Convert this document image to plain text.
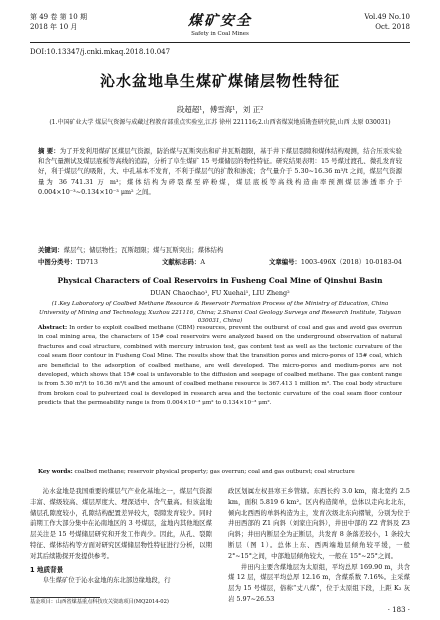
第 49 卷 第 10 期
2018 年 10 月	煤矿安全
Safety in Coal Mines
Vol.49 No.10
Oct. 2018
DOI:10.13347/j.cnki.mkaq.2018.10.047
沁水盆地阜生煤矿煤储层物性特征
段超超¹，傅雪海¹，刘 正²
(1.中国矿业大学 煤层气资源与成藏过程教育部重点实验室,江苏 徐州 221116;2.山西省煤炭地质勘查研究院,山西 太原 030031)
摘 要：为了开发利用煤矿区煤层气资源，防治煤与瓦斯突出和矿井瓦斯超限，基于井下煤层裂隙和煤体结构观测，结合压汞实验和含气量测试及煤层底板等高线的追踪，分析了阜生煤矿 15 号煤储层的物性特征。研究结果表明：15 号煤过渡孔、微孔发育较好，利于煤层气的吸附，大、中孔基本不发育，不利于煤层气的扩散和渗流；含气量介于 5.30~16.36 m³/t 之间，煤层气资源量为 36 741.31 万 m³；煤体结构为碎裂煤至碎粉煤，煤层底板等高线构造曲率预测煤层渗透率介于 0.004×10⁻³~0.134×10⁻³ μm² 之间。
关键词：煤层气；储层物性；瓦斯超限；煤与瓦斯突出；煤体结构
中图分类号：TD713	文献标志码：A	文章编号：1003-496X（2018）10-0183-04
Physical Characters of Coal Reservoirs in Fusheng Coal Mine of Qinshui Basin
DUAN Chaochao¹, FU Xuehai¹, LIU Zheng²
(1.Key Laboratory of Coalbed Methane Resource & Reservoir Formation Process of the Ministry of Education, China University of Mining and Technology, Xuzhou 221116, China; 2.Shanxi Coal Geology Surveys and Research Institute, Taiyuan 030031, China)
Abstract: In order to exploit coalbed methane (CBM) resources, prevent the outburst of coal and gas and avoid gas overrun in coal mining area, the characters of 15# coal reservoirs were analyzed based on the underground observation of natural fractures and coal structure, combined with mercury intrusion test, gas content test as well as the tectonic curvature of the coal seam floor contour in Fusheng Coal Mine. The results show that the transition pores and micro-pores of 15# coal, which are beneficial to the adsorption of coalbed methane, are well developed. The micro-pores and medium-pores are not developed, which shows that 15# coal is unfavorable to the diffusion and seepage of coalbed methane. The gas content range is from 5.30 m³/t to 16.36 m³/t and the amount of coalbed methane resource is 367.413 1 million m³. The coal body structure from broken coal to pulverized coal is developed in research area and the tectonic curvature of the coal seam floor contour predicts that the permeability range is from 0.004×10⁻³ μm² to 0.134×10⁻³ μm².
Key words: coalbed methane; reservoir physical property; gas overrun; coal and gas outburst; coal structure

沁水盆地是我国重要的煤层气产业化基地之一，煤层气资源丰富、煤级较高、煤层厚度大、埋深适中、含气量高。但该盆地储层孔隙度较小，孔隙结构配置差异较大，裂隙发育较少。同时前期工作大部分集中在沁南地区的 3 号煤层，盆地内其他地区煤层关注是 15 号煤储层研究和开发工作尚少。因此，从孔、裂隙特征、煤体结构等方面对研究区煤储层物性特征进行分析，以期对其后续勘探开发提供参考。

1 地质背景

阜生煤矿位于沁水盆地的东北部边缘地段，行

政区划属左权县寒王乡管辖。东西长约 3.0 km，南北宽约 2.5 km，面积 5.819 6 km²。区内构造简单，总体以走向北北东，倾向北西西的单斜构造为主，发育次级北东向褶皱，分别为位于井田西部的 Z1 向斜（刘家庄向斜），井田中部的 Z2 背斜及 Z3 向斜；井田内断层全为正断层，共发育 8 条落差较小，1 条较大断层（图 1）。总体上东、西两端地层倾角较平缓，一般 2°~15°之间，中部地层倾角较大，一般在 15°~25°之间。

井田内主要含煤地层为太原组，平均总厚 169.90 m，共含煤 12 层，煤层平均总厚 12.16 m，含煤系数 7.16%。主采煤层为 15 号煤层，俗称“丈八煤”，位于太原组下段，上距 K₂ 灰岩 5.97~26.53

基金项目：山西省煤基重点科技攻关资助项目(MQ2014-02)
· 183 ·
